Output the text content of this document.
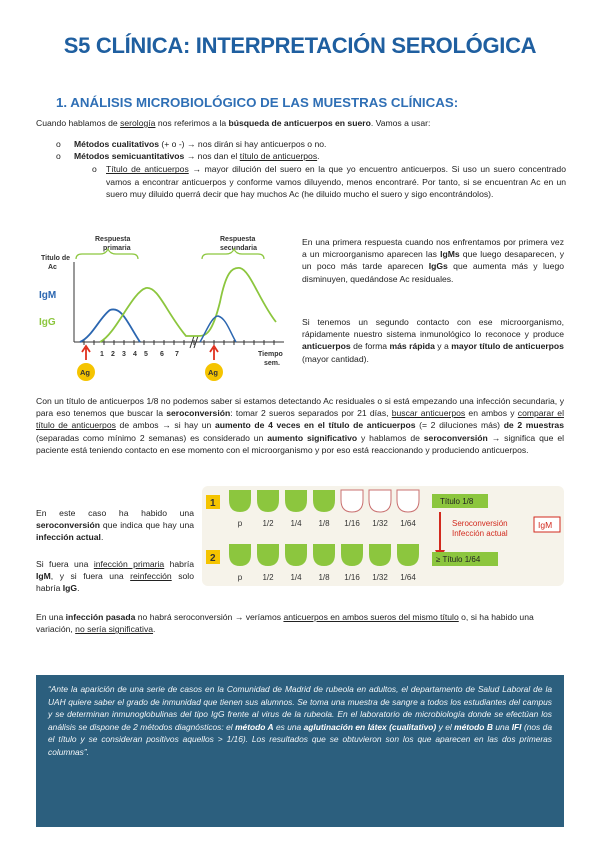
S5 CLÍNICA: INTERPRETACIÓN SEROLÓGICA
1. ANÁLISIS MICROBIOLÓGICO DE LAS MUESTRAS CLÍNICAS:
Cuando hablamos de serología nos referimos a la búsqueda de anticuerpos en suero. Vamos a usar:
o Métodos cualitativos (+ o -) → nos dirán si hay anticuerpos o no.
o Métodos semicuantitativos → nos dan el título de anticuerpos.
o Título de anticuerpos → mayor dilución del suero en la que yo encuentro anticuerpos. Si uso un suero concentrado vamos a encontrar anticuerpos y conforme vamos diluyendo, menos encontraré. Por tanto, si se encuentran Ac en un suero muy diluido querrá decir que hay muchos Ac (he diluido mucho el suero y sigo encontrándolos).
Respuesta
primaria
Respuesta
secundaria
Titulo de
Ac
IgM
IgG
1 2 3 4 5 6 7	Tiempo
sem.
Ag	Ag
En una primera respuesta cuando nos enfrentamos por primera vez a un microorganismo aparecen las IgMs que luego desaparecen, y un poco más tarde aparecen IgGs que aumenta más y luego disminuyen, quedándose Ac residuales.
Si tenemos un segundo contacto con ese microorganismo, rápidamente nuestro sistema inmunológico lo reconoce y produce anticuerpos de forma más rápida y a mayor título de anticuerpos (mayor cantidad).
Con un título de anticuerpos 1/8 no podemos saber si estamos detectando Ac residuales o si está empezando una infección secundaria, y para eso tenemos que buscar la seroconversión: tomar 2 sueros separados por 21 días, buscar anticuerpos en ambos y comparar el título de anticuerpos de ambos → si hay un aumento de 4 veces en el título de anticuerpos (= 2 diluciones más) de 2 muestras (separadas como mínimo 2 semanas) es considerado un aumento significativo y hablamos de seroconversión → significa que el paciente está teniendo contacto en ese momento con el microorganismo y por eso está reaccionando y produciendo anticuerpos.
En este caso ha habido una seroconversión que indica que hay una infección actual.
Si fuera una infección primaria habría IgM, y si fuera una reinfección solo habría IgG.
1
2
p	1/2 1/4 1/8 1/16 1/32 1/64
p	1/2 1/4 1/8 1/16 1/32 1/64
Título 1/8
Seroconversión
Infección actual
IgM
≥ Título 1/64
En una infección pasada no habrá seroconversión → veríamos anticuerpos en ambos sueros del mismo título o, si ha habido una variación, no sería significativa.
“Ante la aparición de una serie de casos en la Comunidad de Madrid de rubeola en adultos, el departamento de Salud Laboral de la UAH quiere saber el grado de inmunidad que tienen sus alumnos. Se toma una muestra de sangre a todos los estudiantes del campus y se determinan inmunoglobulinas del tipo IgG frente al virus de la rubeola. En el laboratorio de microbiología donde se efectúan los análisis se dispone de 2 métodos diagnósticos: el método A es una aglutinación en látex (cualitativo) y el método B una IFI (nos da el título y se consideran positivos aquellos > 1/16). Los resultados que se obtuvieron son los que aparecen en las dos primeras columnas”.
